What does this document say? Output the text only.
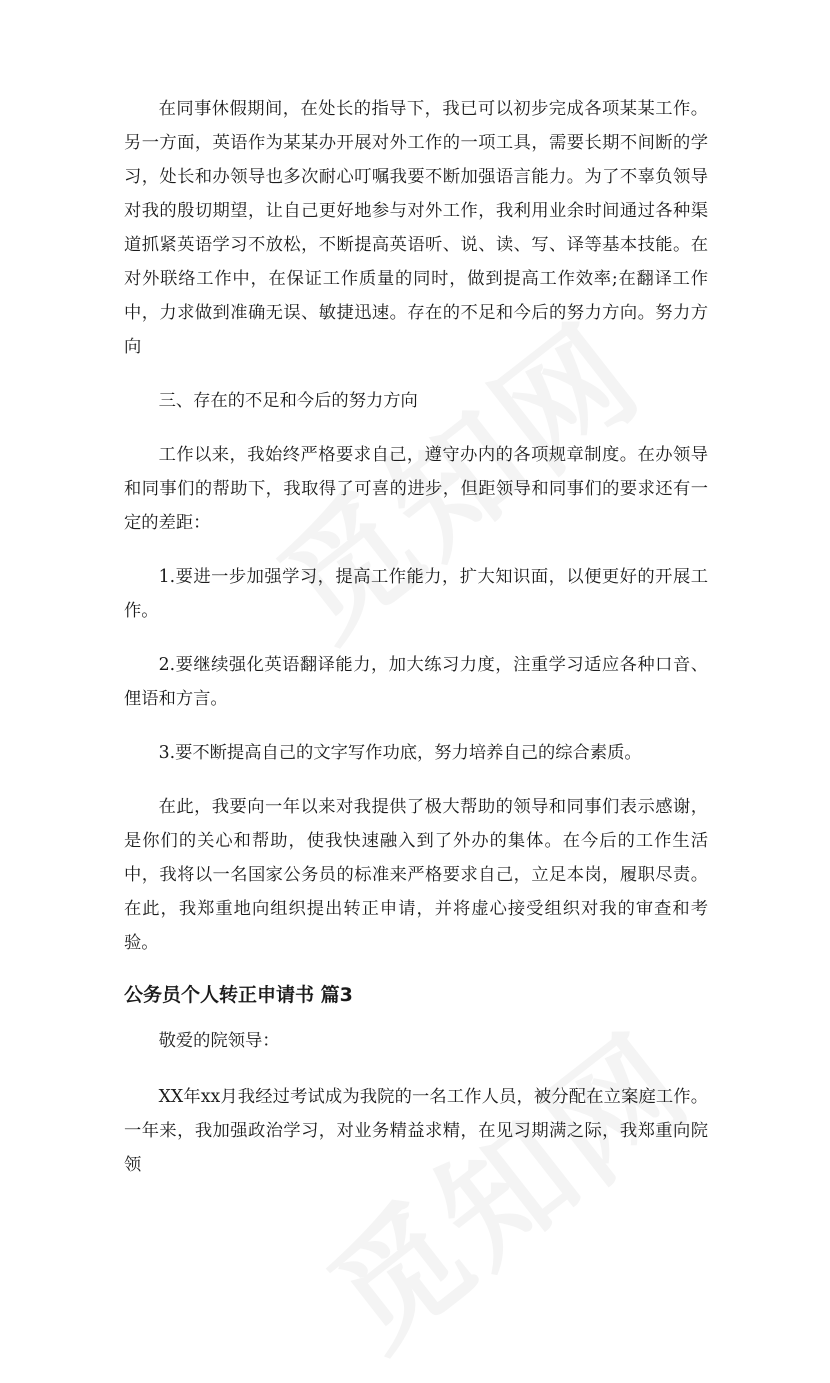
在同事休假期间，在处长的指导下，我已可以初步完成各项某某工作。另一方面，英语作为某某办开展对外工作的一项工具，需要长期不间断的学习，处长和办领导也多次耐心叮嘱我要不断加强语言能力。为了不辜负领导对我的殷切期望，让自己更好地参与对外工作，我利用业余时间通过各种渠道抓紧英语学习不放松，不断提高英语听、说、读、写、译等基本技能。在对外联络工作中，在保证工作质量的同时，做到提高工作效率;在翻译工作中，力求做到准确无误、敏捷迅速。存在的不足和今后的努力方向。努力方向

三、存在的不足和今后的努力方向

工作以来，我始终严格要求自己，遵守办内的各项规章制度。在办领导和同事们的帮助下，我取得了可喜的进步，但距领导和同事们的要求还有一定的差距：

1.要进一步加强学习，提高工作能力，扩大知识面，以便更好的开展工作。

2.要继续强化英语翻译能力，加大练习力度，注重学习适应各种口音、俚语和方言。

3.要不断提高自己的文字写作功底，努力培养自己的综合素质。

在此，我要向一年以来对我提供了极大帮助的领导和同事们表示感谢，是你们的关心和帮助，使我快速融入到了外办的集体。在今后的工作生活中，我将以一名国家公务员的标准来严格要求自己，立足本岗，履职尽责。在此，我郑重地向组织提出转正申请，并将虚心接受组织对我的审查和考验。

公务员个人转正申请书 篇3

敬爱的院领导：

XX年xx月我经过考试成为我院的一名工作人员，被分配在立案庭工作。一年来，我加强政治学习，对业务精益求精，在见习期满之际，我郑重向院领
